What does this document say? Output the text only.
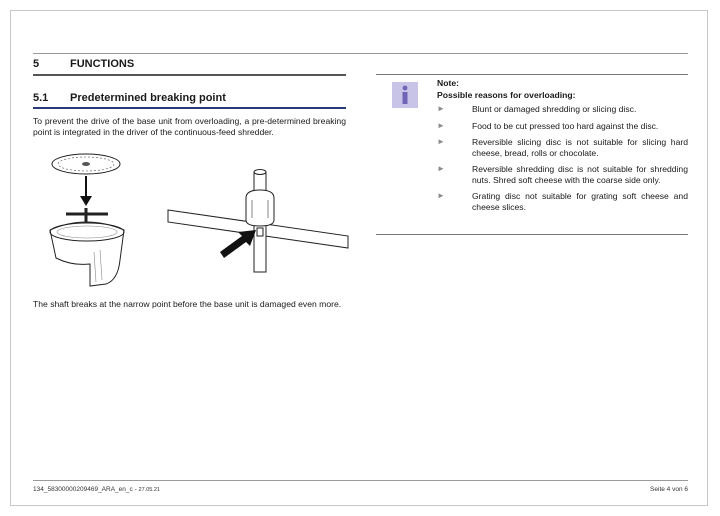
5	FUNCTIONS
5.1 Predetermined breaking point

To prevent the drive of the base unit from overloading, a pre-determined breaking point is integrated in the driver of the continuous-feed shredder.

The shaft breaks at the narrow point before the base unit is damaged even more.

Note:
Possible reasons for overloading:
►	Blunt or damaged shredding or slicing disc.
►	Food to be cut pressed too hard against the disc.
►	Reversible slicing disc is not suitable for slicing hard cheese, bread, rolls or chocolate.
►	Reversible shredding disc is not suitable for shredding nuts. Shred soft cheese with the coarse side only.
►	Grating disc not suitable for grating soft cheese and cheese slices.
134_58300000209469_ARA_en_c - 27.05.21	Seite 4 von 6
